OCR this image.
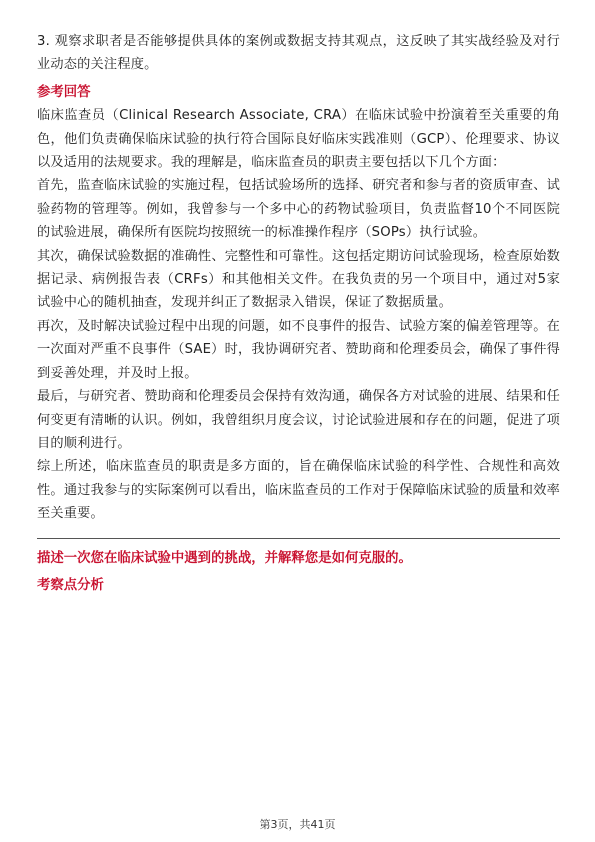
3. 观察求职者是否能够提供具体的案例或数据支持其观点，这反映了其实战经验及对行业动态的关注程度。

参考回答

临床监查员（Clinical Research Associate, CRA）在临床试验中扮演着至关重要的角色，他们负责确保临床试验的执行符合国际良好临床实践准则（GCP）、伦理要求、协议以及适用的法规要求。我的理解是，临床监查员的职责主要包括以下几个方面：

首先，监查临床试验的实施过程，包括试验场所的选择、研究者和参与者的资质审查、试验药物的管理等。例如，我曾参与一个多中心的药物试验项目，负责监督10个不同医院的试验进展，确保所有医院均按照统一的标准操作程序（SOPs）执行试验。

其次，确保试验数据的准确性、完整性和可靠性。这包括定期访问试验现场，检查原始数据记录、病例报告表（CRFs）和其他相关文件。在我负责的另一个项目中，通过对5家试验中心的随机抽查，发现并纠正了数据录入错误，保证了数据质量。

再次，及时解决试验过程中出现的问题，如不良事件的报告、试验方案的偏差管理等。在一次面对严重不良事件（SAE）时，我协调研究者、赞助商和伦理委员会，确保了事件得到妥善处理，并及时上报。

最后，与研究者、赞助商和伦理委员会保持有效沟通，确保各方对试验的进展、结果和任何变更有清晰的认识。例如，我曾组织月度会议，讨论试验进展和存在的问题，促进了项目的顺利进行。

综上所述，临床监查员的职责是多方面的，旨在确保临床试验的科学性、合规性和高效性。通过我参与的实际案例可以看出，临床监查员的工作对于保障临床试验的质量和效率至关重要。

描述一次您在临床试验中遇到的挑战，并解释您是如何克服的。

考察点分析

第3页，共41页
